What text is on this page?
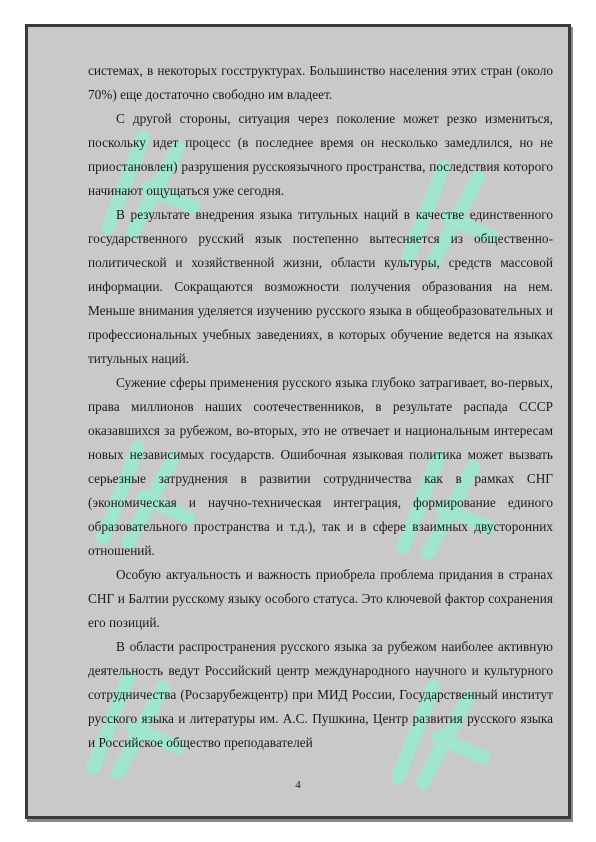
системах, в некоторых госструктурах. Большинство населения этих стран (около 70%) еще достаточно свободно им владеет.

С другой стороны, ситуация через поколение может резко измениться, поскольку идет процесс (в последнее время он несколько замедлился, но не приостановлен) разрушения русскоязычного пространства, последствия которого начинают ощущаться уже сегодня.

В результате внедрения языка титульных наций в качестве единственного государственного русский язык постепенно вытесняется из общественно-политической и хозяйственной жизни, области культуры, средств массовой информации. Сокращаются возможности получения образования на нем. Меньше внимания уделяется изучению русского языка в общеобразовательных и профессиональных учебных заведениях, в которых обучение ведется на языках титульных наций.

Сужение сферы применения русского языка глубоко затрагивает, во-первых, права миллионов наших соотечественников, в результате распада СССР оказавшихся за рубежом, во-вторых, это не отвечает и национальным интересам новых независимых государств. Ошибочная языковая политика может вызвать серьезные затруднения в развитии сотрудничества как в рамках СНГ (экономическая и научно-техническая интеграция, формирование единого образовательного пространства и т.д.), так и в сфере взаимных двусторонних отношений.

Особую актуальность и важность приобрела проблема придания в странах СНГ и Балтии русскому языку особого статуса. Это ключевой фактор сохранения его позиций.

В области распространения русского языка за рубежом наиболее активную деятельность ведут Российский центр международного научного и культурного сотрудничества (Росзарубежцентр) при МИД России, Государственный институт русского языка и литературы им. А.С. Пушкина, Центр развития русского языка и Российское общество преподавателей

4
